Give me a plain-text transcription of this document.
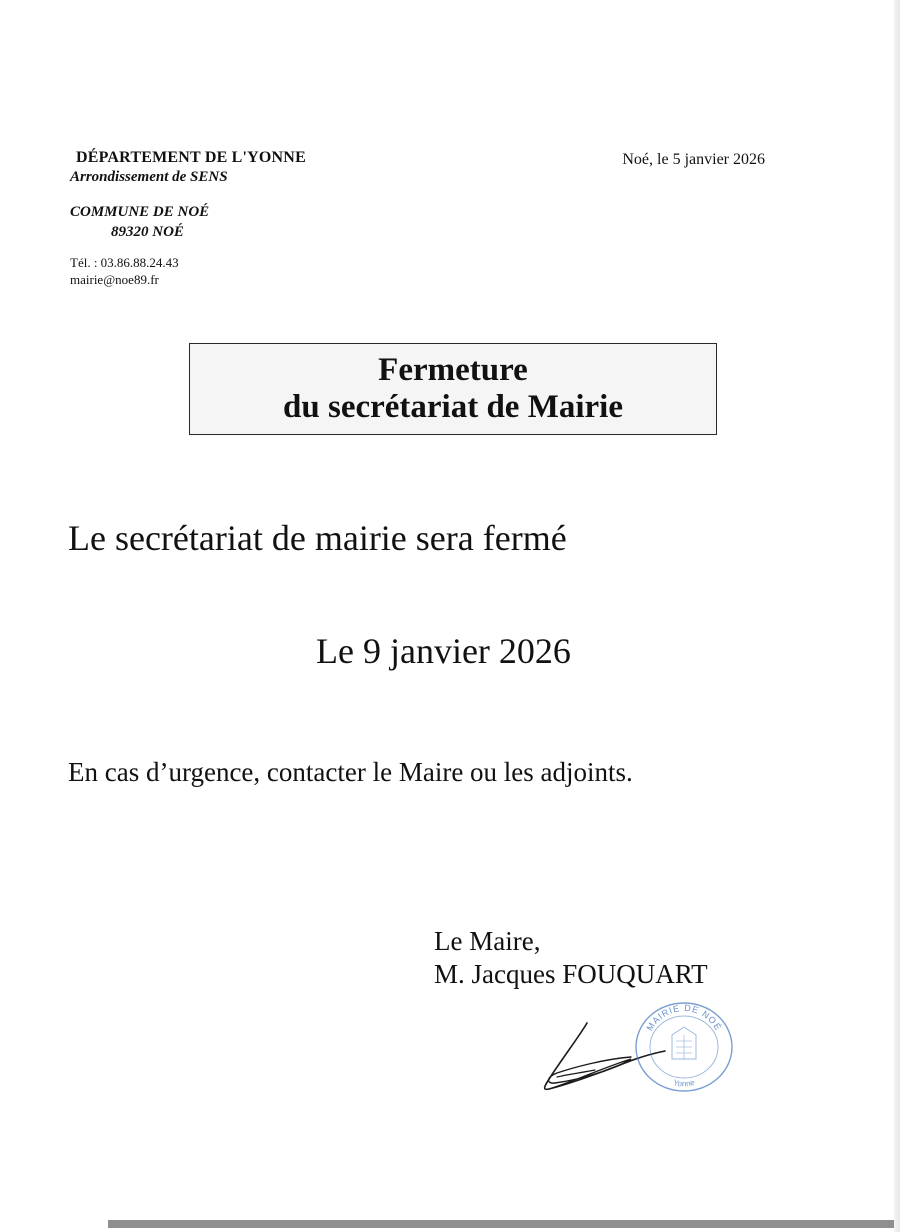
DÉPARTEMENT DE L'YONNE
Arrondissement de SENS
COMMUNE DE NOÉ
89320 NOÉ
Tél. : 03.86.88.24.43
mairie@noe89.fr
Noé, le 5 janvier 2026
Fermeture
du secrétariat de Mairie
Le secrétariat de mairie sera fermé
Le 9 janvier 2026
En cas d’urgence, contacter le Maire ou les adjoints.
Le Maire,
M. Jacques FOUQUART
MAIRIE DE NOÉ
Yonne
